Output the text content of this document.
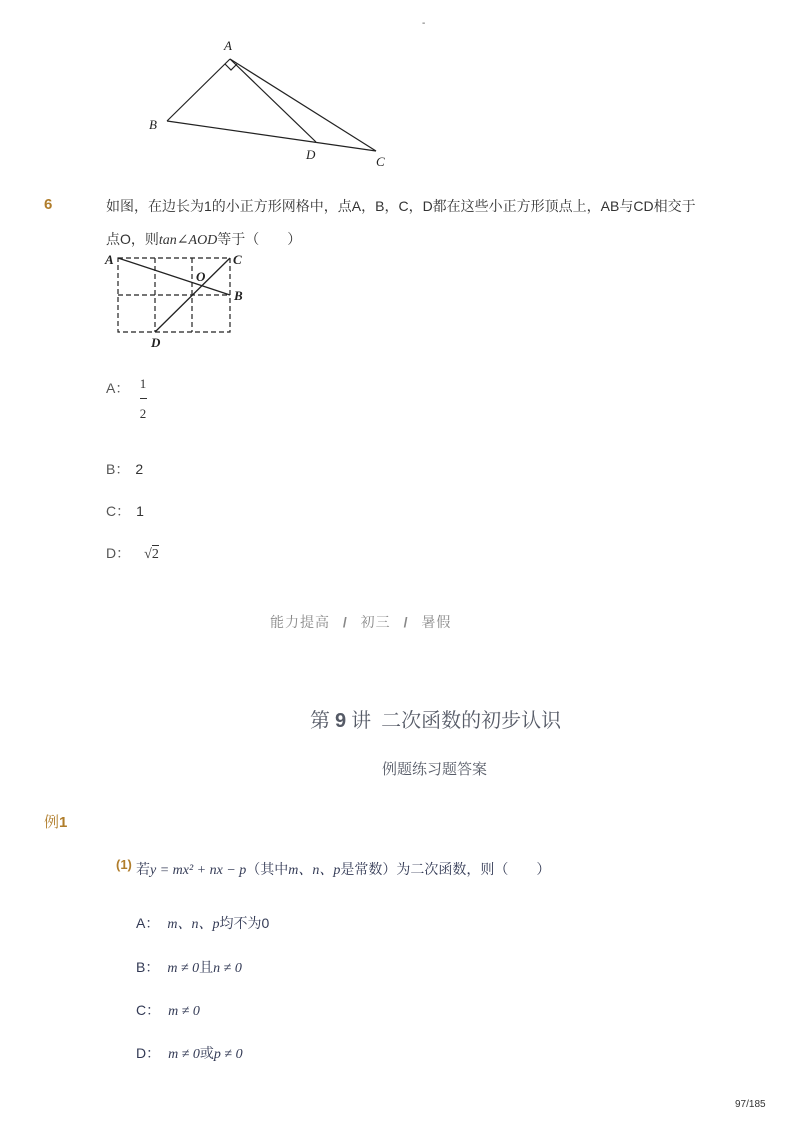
-
A
B
D	C
6	如图，在边长为1的小正方形网格中，点A，B，C，D都在这些小正方形顶点上，AB与CD相交于
点O，则tan∠AOD等于（　　）
A	C
O
B
D
A： 1
2
B： 2
C： 1
D： √2
能力提高 / 初三 / 暑假
第 9 讲  二次函数的初步认识
例题练习题答案
例1
(1) 若y = mx² + nx − p（其中m、n、p是常数）为二次函数，则（　　）
A： m、n、p均不为0
B： m ≠ 0且n ≠ 0
C： m ≠ 0
D： m ≠ 0或p ≠ 0
97/185
